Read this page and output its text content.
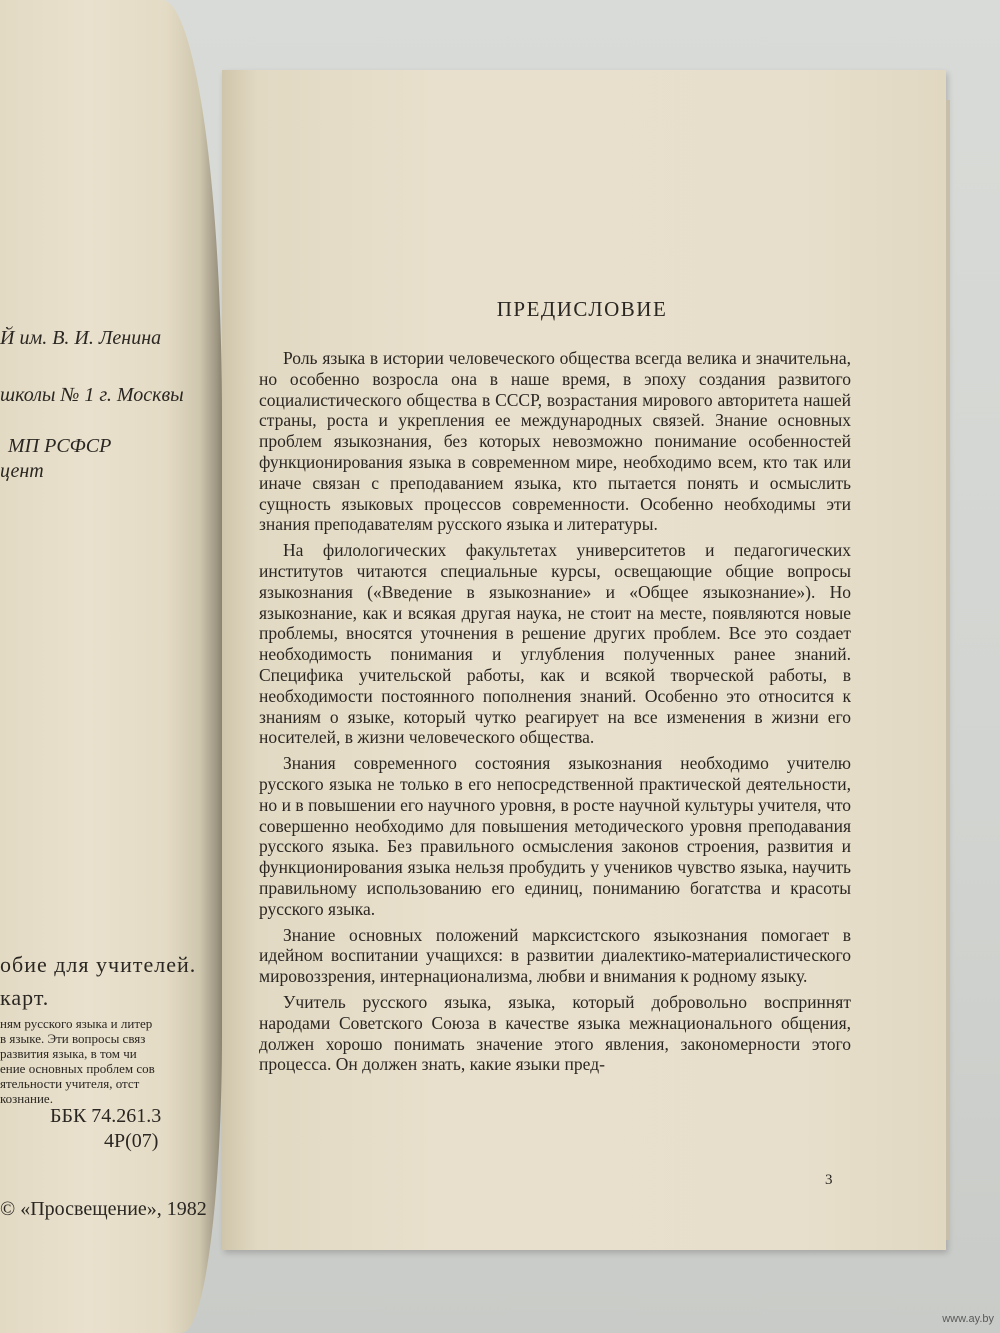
Й им. В. И. Ленина
школы № 1 г. Москвы
МП РСФСР
цент
обие для учителей.
карт.
ням русского языка и литер
в языке. Эти вопросы связ
развития языка, в том чи
ение основных проблем сов
ятельности учителя, отст
кознание.
ББК 74.261.3
4Р(07)
© «Просвещение», 1982
ПРЕДИСЛОВИЕ

Роль языка в истории человеческого общества всегда велика и значительна, но особенно возросла она в наше время, в эпоху создания развитого социалистического общества в СССР, возрастания мирового авторитета нашей страны, роста и укрепления ее международных связей. Знание основных проблем языкознания, без которых невозможно понимание особенностей функционирования языка в современном мире, необходимо всем, кто так или иначе связан с преподаванием языка, кто пытается понять и осмыслить сущность языковых процессов современности. Особенно необходимы эти знания преподавателям русского языка и литературы.

На филологических факультетах университетов и педагогических институтов читаются специальные курсы, освещающие общие вопросы языкознания («Введение в языкознание» и «Общее языкознание»). Но языкознание, как и всякая другая наука, не стоит на месте, появляются новые проблемы, вносятся уточнения в решение других проблем. Все это создает необходимость понимания и углубления полученных ранее знаний. Специфика учительской работы, как и всякой творческой работы, в необходимости постоянного пополнения знаний. Особенно это относится к знаниям о языке, который чутко реагирует на все изменения в жизни его носителей, в жизни человеческого общества.

Знания современного состояния языкознания необходимо учителю русского языка не только в его непосредственной практической деятельности, но и в повышении его научного уровня, в росте научной культуры учителя, что совершенно необходимо для повышения методического уровня преподавания русского языка. Без правильного осмысления законов строения, развития и функционирования языка нельзя пробудить у учеников чувство языка, научить правильному использованию его единиц, пониманию богатства и красоты русского языка.

Знание основных положений марксистского языкознания помогает в идейном воспитании учащихся: в развитии диалектико-материалистического мировоззрения, интернационализма, любви и внимания к родному языку.

Учитель русского языка, языка, который добровольно восприннят народами Советского Союза в качестве языка межнационального общения, должен хорошо понимать значение этого явления, закономерности этого процесса. Он должен знать, какие языки пред-

3
www.ay.by
